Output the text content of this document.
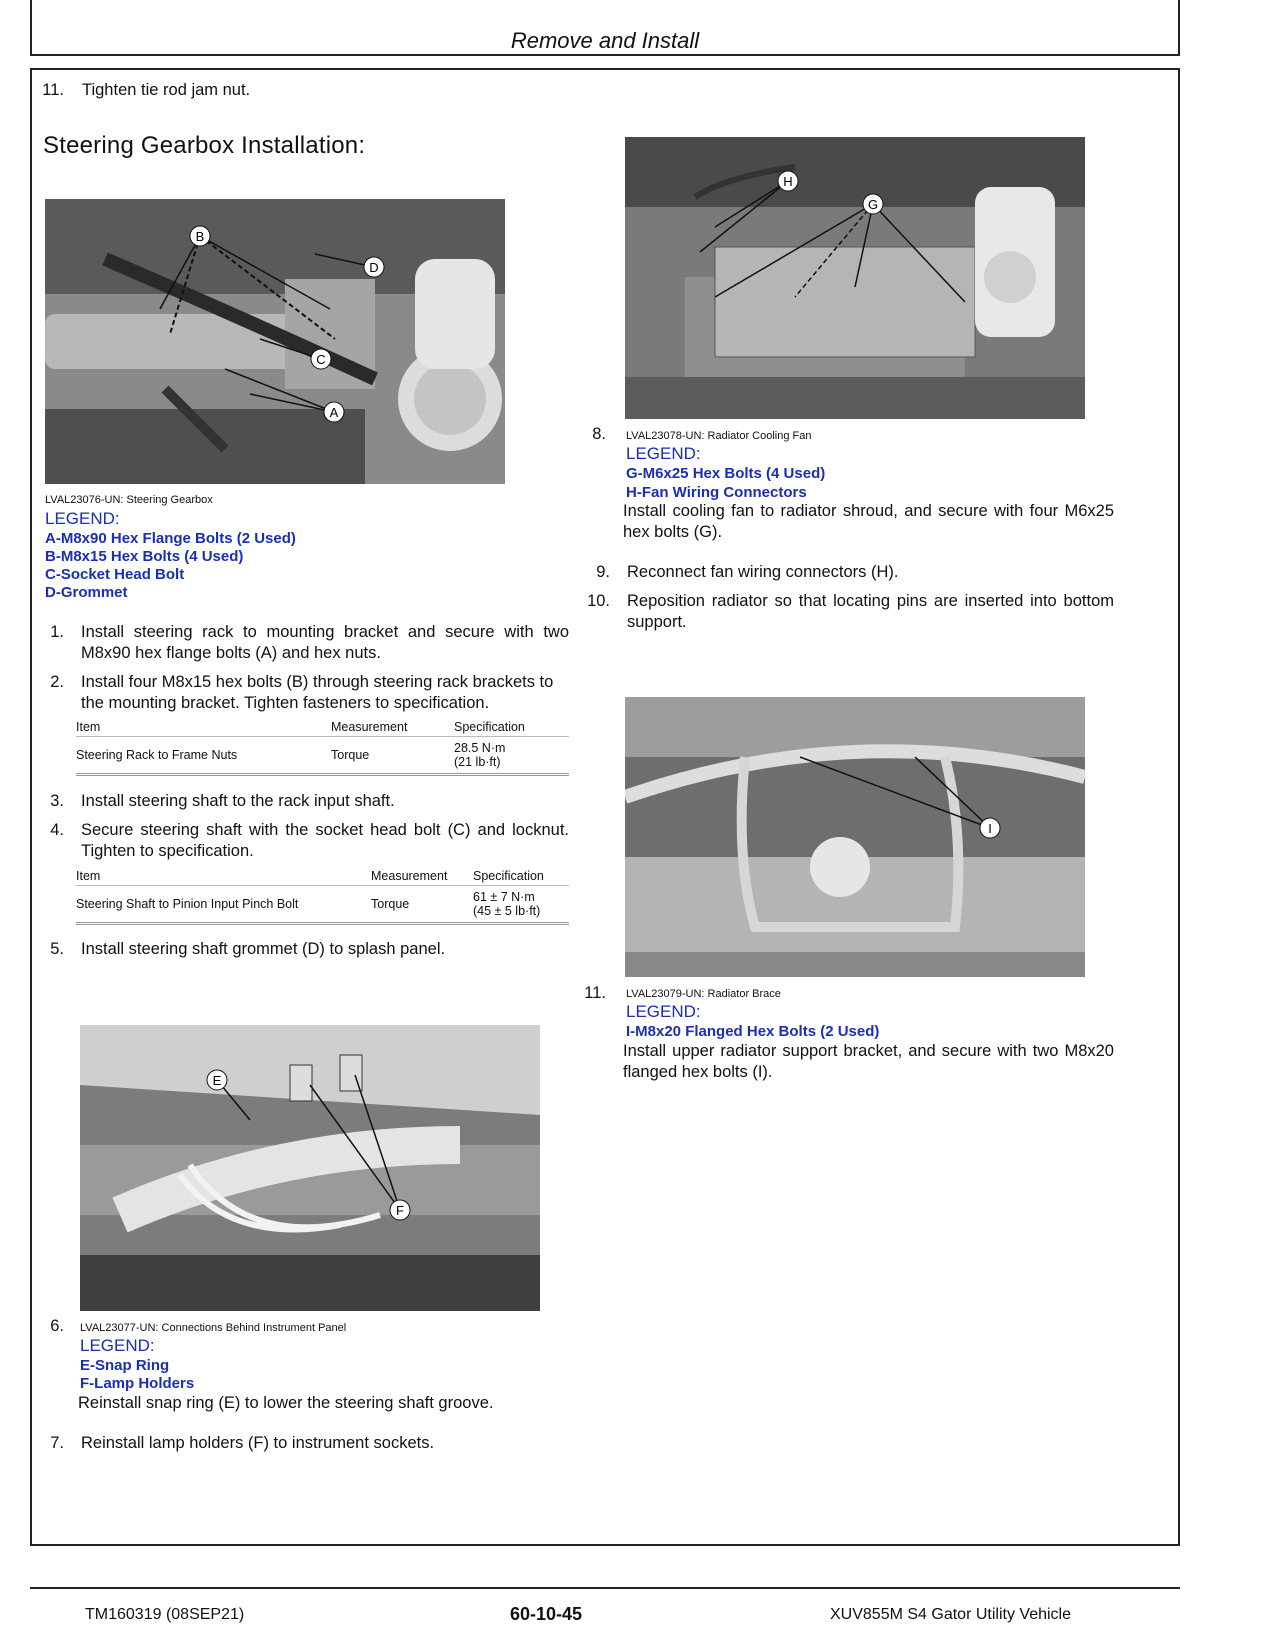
Remove and Install
11. Tighten tie rod jam nut.
Steering Gearbox Installation:
B
D
C
A
LVAL23076-UN: Steering Gearbox
LEGEND:
A-M8x90 Hex Flange Bolts (2 Used)
B-M8x15 Hex Bolts (4 Used)
C-Socket Head Bolt
D-Grommet
1. Install steering rack to mounting bracket and secure with two M8x90 hex flange bolts (A) and hex nuts.
2. Install four M8x15 hex bolts (B) through steering rack brackets to the mounting bracket. Tighten fasteners to specification.
Item	Measurement	Specification
Steering Rack to Frame Nuts	Torque	28.5 N·m
(21 lb·ft)
3. Install steering shaft to the rack input shaft.
4. Secure steering shaft with the socket head bolt (C) and locknut. Tighten to specification.
Item	Measurement	Specification
Steering Shaft to Pinion Input Pinch Bolt	Torque	61 ± 7 N·m
(45 ± 5 lb·ft)
5. Install steering shaft grommet (D) to splash panel.
E
F
6. LVAL23077-UN: Connections Behind Instrument Panel
LEGEND:
E-Snap Ring
F-Lamp Holders
Reinstall snap ring (E) to lower the steering shaft groove.
7. Reinstall lamp holders (F) to instrument sockets.
H
G
8. LVAL23078-UN: Radiator Cooling Fan
LEGEND:
G-M6x25 Hex Bolts (4 Used)
H-Fan Wiring Connectors
Install cooling fan to radiator shroud, and secure with four M6x25 hex bolts (G).
9. Reconnect fan wiring connectors (H).
10. Reposition radiator so that locating pins are inserted into bottom support.
I
11. LVAL23079-UN: Radiator Brace
LEGEND:
I-M8x20 Flanged Hex Bolts (2 Used)
Install upper radiator support bracket, and secure with two M8x20 flanged hex bolts (I).
TM160319 (08SEP21)	60-10-45	XUV855M S4 Gator Utility Vehicle
